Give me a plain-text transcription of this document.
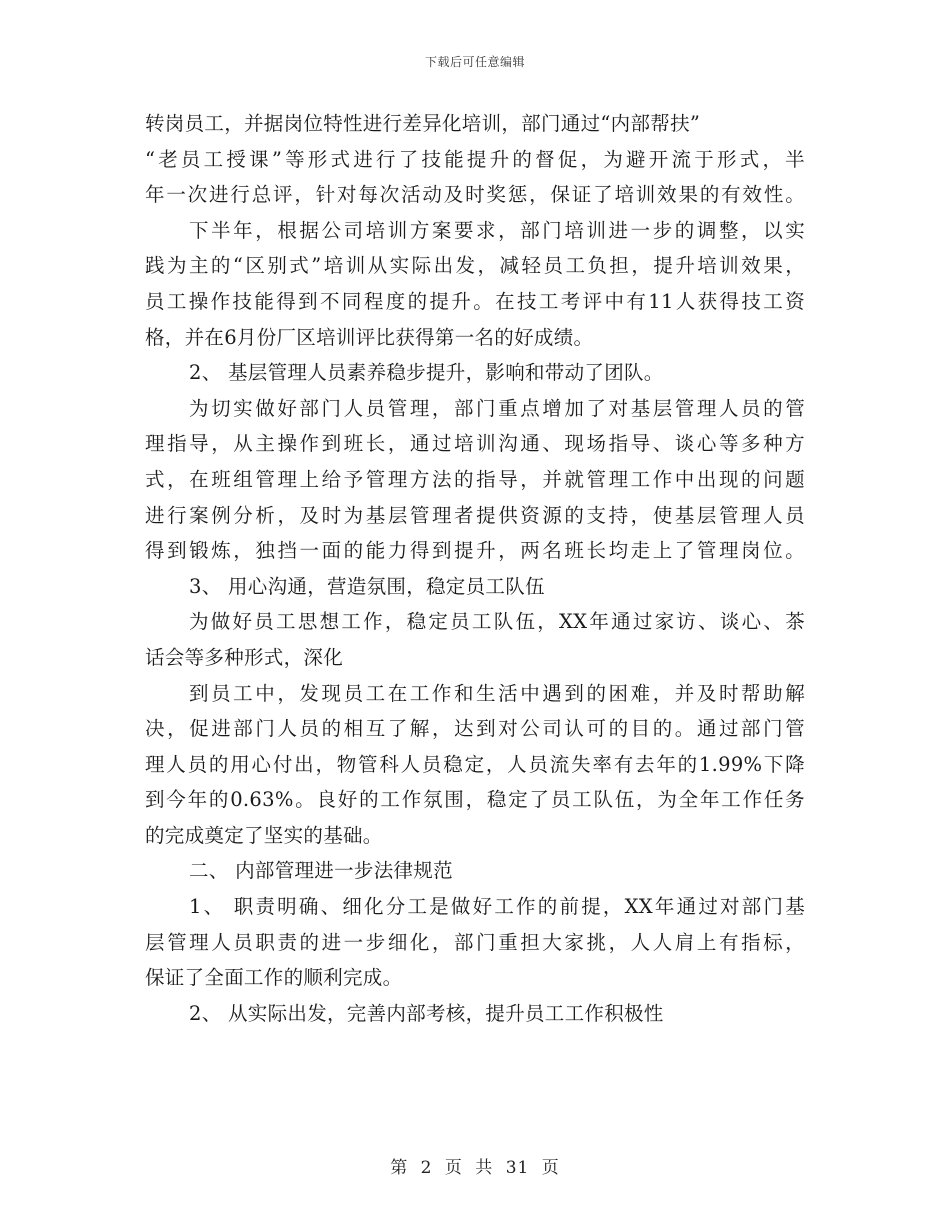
下载后可任意编辑
转岗员工，并据岗位特性进行差异化培训，部门通过“内部帮扶”
“老员工授课”等形式进行了技能提升的督促，为避开流于形式，半
年一次进行总评，针对每次活动及时奖惩，保证了培训效果的有效性。
下半年，根据公司培训方案要求，部门培训进一步的调整，以实
践为主的“区别式”培训从实际出发，减轻员工负担，提升培训效果，
员工操作技能得到不同程度的提升。在技工考评中有11人获得技工资
格，并在6月份厂区培训评比获得第一名的好成绩。
2、 基层管理人员素养稳步提升，影响和带动了团队。
为切实做好部门人员管理，部门重点增加了对基层管理人员的管
理指导，从主操作到班长，通过培训沟通、现场指导、谈心等多种方
式，在班组管理上给予管理方法的指导，并就管理工作中出现的问题
进行案例分析，及时为基层管理者提供资源的支持，使基层管理人员
得到锻炼，独挡一面的能力得到提升，两名班长均走上了管理岗位。
3、 用心沟通，营造氛围，稳定员工队伍
为做好员工思想工作，稳定员工队伍，XX年通过家访、谈心、茶
话会等多种形式，深化
到员工中，发现员工在工作和生活中遇到的困难，并及时帮助解
决，促进部门人员的相互了解，达到对公司认可的目的。通过部门管
理人员的用心付出，物管科人员稳定，人员流失率有去年的1.99%下降
到今年的0.63%。良好的工作氛围，稳定了员工队伍，为全年工作任务
的完成奠定了坚实的基础。
二、 内部管理进一步法律规范
1、 职责明确、细化分工是做好工作的前提，XX年通过对部门基
层管理人员职责的进一步细化，部门重担大家挑，人人肩上有指标，
保证了全面工作的顺利完成。
2、 从实际出发，完善内部考核，提升员工工作积极性
第 2 页 共 31 页
